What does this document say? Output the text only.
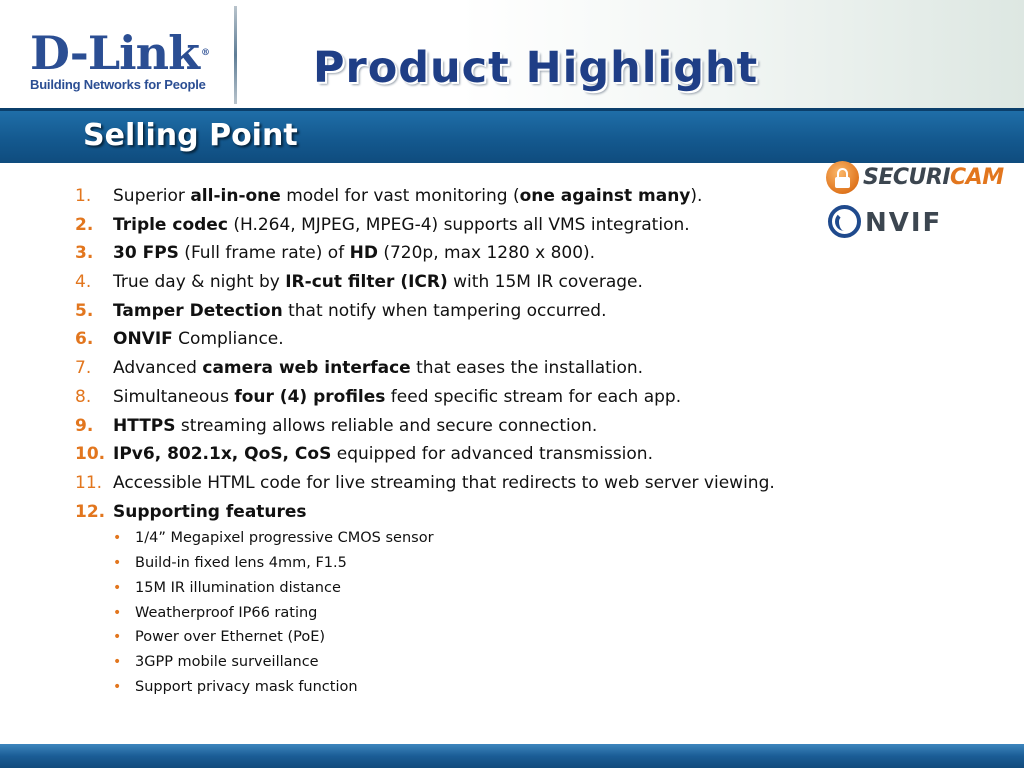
D-Link ®
Building Networks for People Product Highlight
Selling Point
SECURICAM
NVIF
1. Superior all-in-one model for vast monitoring (one against many).
2. Triple codec (H.264, MJPEG, MPEG-4) supports all VMS integration.
3. 30 FPS (Full frame rate) of HD (720p, max 1280 x 800).
4. True day & night by IR-cut filter (ICR) with 15M IR coverage.
5. Tamper Detection that notify when tampering occurred.
6. ONVIF Compliance.
7. Advanced camera web interface that eases the installation.
8. Simultaneous four (4) profiles feed specific stream for each app.
9. HTTPS streaming allows reliable and secure connection.
10. IPv6, 802.1x, QoS, CoS equipped for advanced transmission.
11. Accessible HTML code for live streaming that redirects to web server viewing.
12. Supporting features
• 1/4” Megapixel progressive CMOS sensor
• Build-in fixed lens 4mm, F1.5
• 15M IR illumination distance
• Weatherproof IP66 rating
• Power over Ethernet (PoE)
• 3GPP mobile surveillance
• Support privacy mask function
